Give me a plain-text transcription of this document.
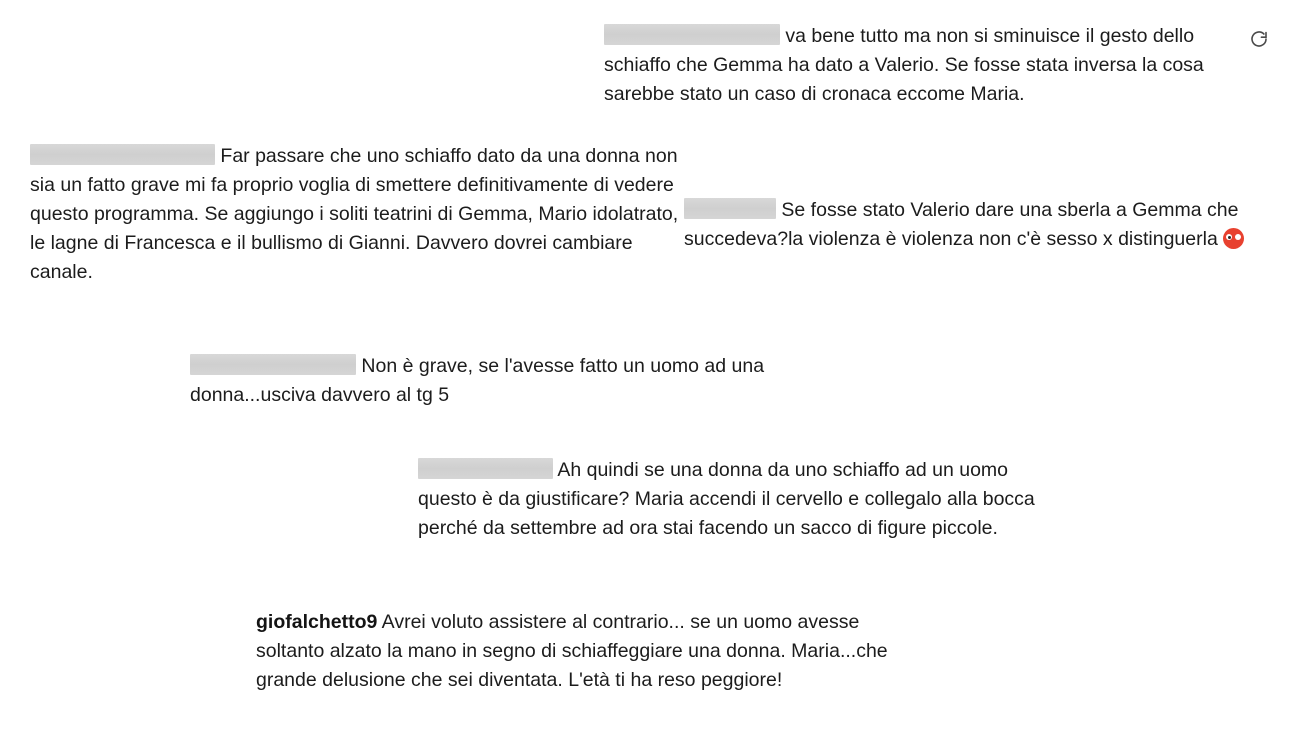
va bene tutto ma non si sminuisce il gesto dello schiaffo che Gemma ha dato a Valerio. Se fosse stata inversa la cosa sarebbe stato un caso di cronaca eccome Maria.
Far passare che uno schiaffo dato da una donna non sia un fatto grave mi fa proprio voglia di smettere definitivamente di vedere questo programma. Se aggiungo i soliti teatrini di Gemma, Mario idolatrato, le lagne di Francesca e il bullismo di Gianni. Davvero dovrei cambiare canale.
Se fosse stato Valerio dare una sberla a Gemma che succedeva?la violenza è violenza non c'è sesso x distinguerla
Non è grave, se l'avesse fatto un uomo ad una donna...usciva davvero al tg 5
Ah quindi se una donna da uno schiaffo ad un uomo questo è da giustificare? Maria accendi il cervello e collegalo alla bocca perché da settembre ad ora stai facendo un sacco di figure piccole.
giofalchetto9 Avrei voluto assistere al contrario... se un uomo avesse soltanto alzato la mano in segno di schiaffeggiare una donna. Maria...che grande delusione che sei diventata. L'età ti ha reso peggiore!
